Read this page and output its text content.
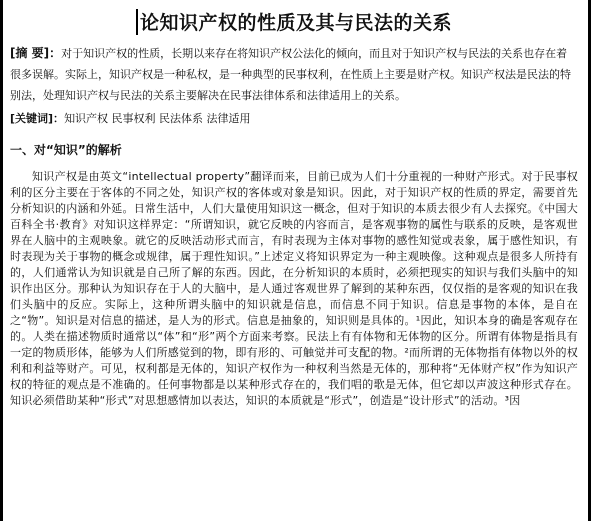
论知识产权的性质及其与民法的关系

[摘 要]：对于知识产权的性质，长期以来存在将知识产权公法化的倾向，而且对于知识产权与民法的关系也存在着很多误解。实际上，知识产权是一种私权，是一种典型的民事权利，在性质上主要是财产权。知识产权法是民法的特别法，处理知识产权与民法的关系主要解决在民事法律体系和法律适用上的关系。

[关键词]：知识产权 民事权利 民法体系 法律适用

一、对“知识”的解析

知识产权是由英文“intellectual property”翻译而来，目前已成为人们十分重视的一种财产形式。对于民事权利的区分主要在于客体的不同之处，知识产权的客体或对象是知识。因此，对于知识产权的性质的界定，需要首先分析知识的内涵和外延。日常生活中，人们大量使用知识这一概念，但对于知识的本质去很少有人去探究。《中国大百科全书·教育》对知识这样界定：“所谓知识，就它反映的内容而言，是客观事物的属性与联系的反映，是客观世界在人脑中的主观映象。就它的反映活动形式而言，有时表现为主体对事物的感性知觉或表象，属于感性知识，有时表现为关于事物的概念或规律，属于理性知识。”上述定义将知识界定为一种主观映像。这种观点是很多人所持有的，人们通常认为知识就是自己所了解的东西。因此，在分析知识的本质时，必须把现实的知识与我们头脑中的知识作出区分。那种认为知识存在于人的大脑中，是人通过客观世界了解到的某种东西，仅仅指的是客观的知识在我们头脑中的反应。实际上，这种所谓头脑中的知识就是信息，而信息不同于知识。信息是事物的本体，是自在之“物”。知识是对信息的描述，是人为的形式。信息是抽象的，知识则是具体的。¹因此，知识本身的确是客观存在的。人类在描述物质时通常以“体”和“形”两个方面来考察。民法上有有体物和无体物的区分。所谓有体物是指具有一定的物质形体，能够为人们所感觉到的物，即有形的、可触觉并可支配的物。²而所谓的无体物指有体物以外的权利和利益等财产。可见，权利都是无体的，知识产权作为一种权利当然是无体的，那种将“无体财产权”作为知识产权的特征的观点是不准确的。任何事物都是以某种形式存在的，我们唱的歌是无体，但它却以声波这种形式存在。知识必须借助某种“形式”对思想感情加以表达，知识的本质就是“形式”，创造是“设计形式”的活动。³因
